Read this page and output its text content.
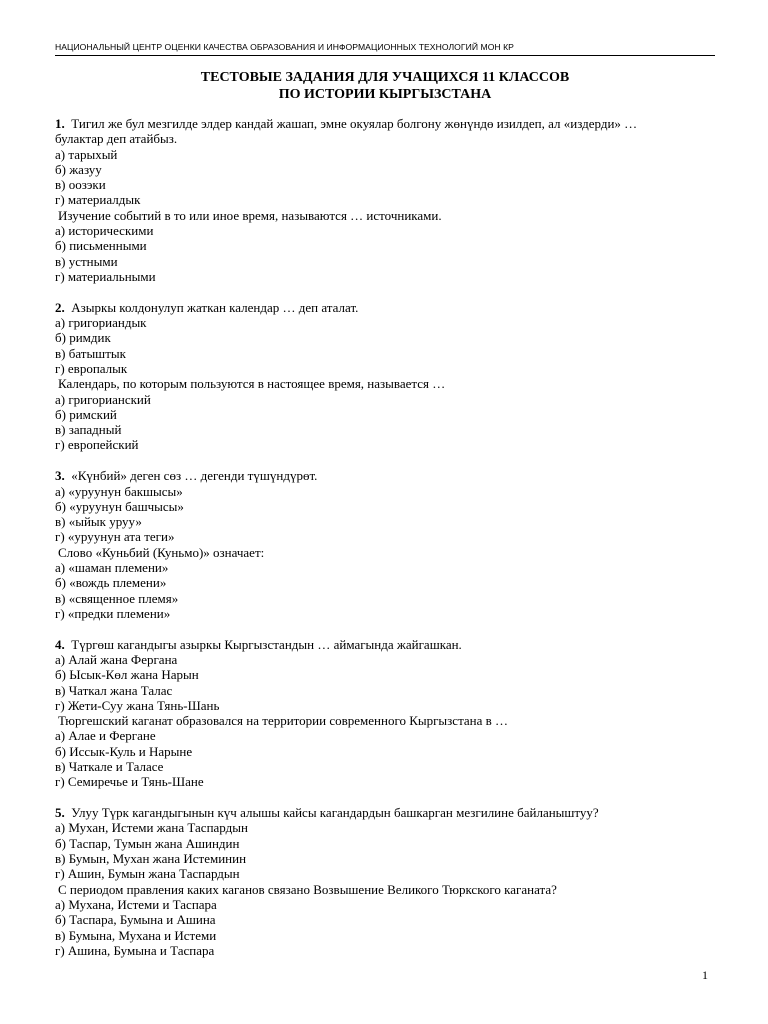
НАЦИОНАЛЬНЫЙ ЦЕНТР ОЦЕНКИ КАЧЕСТВА ОБРАЗОВАНИЯ И ИНФОРМАЦИОННЫХ ТЕХНОЛОГИЙ МОН КР
ТЕСТОВЫЕ ЗАДАНИЯ ДЛЯ УЧАЩИХСЯ 11 КЛАССОВ
ПО ИСТОРИИ КЫРГЫЗСТАНА
1. Тигил же бул мезгилде элдер кандай жашап, эмне окуялар болгону жөнүндө изилдеп, ал «издерди» …
булактар деп атайбыз.
а) тарыхый
б) жазуу
в) оозэки
г) материалдык
Изучение событий в то или иное время, называются … источниками.
а) историческими
б) письменными
в) устными
г) материальными
2. Азыркы колдонулуп жаткан календар … деп аталат.
а) григориандык
б) римдик
в) батыштык
г) европалык
Календарь, по которым пользуются в настоящее время, называется …
а) григорианский
б) римский
в) западный
г) европейский
3. «Күнбий» деген сөз … дегенди түшүндүрөт.
а) «уруунун бакшысы»
б) «уруунун башчысы»
в) «ыйык уруу»
г) «уруунун ата теги»
Слово «Куньбий (Куньмо)» означает:
а) «шаман племени»
б) «вождь племени»
в) «священное племя»
г) «предки племени»
4. Түргөш кагандыгы азыркы Кыргызстандын … аймагында жайгашкан.
а) Алай жана Фергана
б) Ысык-Көл жана Нарын
в) Чаткал жана Талас
г) Жети-Суу жана Тянь-Шань
Тюргешский каганат образовался на территории современного Кыргызстана в …
а) Алае и Фергане
б) Иссык-Куль и Нарыне
в) Чаткале и Таласе
г) Семиречье и Тянь-Шане
5. Улуу Түрк кагандыгынын күч алышы кайсы кагандардын башкарган мезгилине байланыштуу?
а) Мухан, Истеми жана Таспардын
б) Таспар, Тумын жана Ашиндин
в) Бумын, Мухан жана Истеминин
г) Ашин, Бумын жана Таспардын
С периодом правления каких каганов связано Возвышение Великого Тюркского каганата?
а) Мухана, Истеми и Таспара
б) Таспара, Бумына и Ашина
в) Бумына, Мухана и Истеми
г) Ашина, Бумына и Таспара
1
